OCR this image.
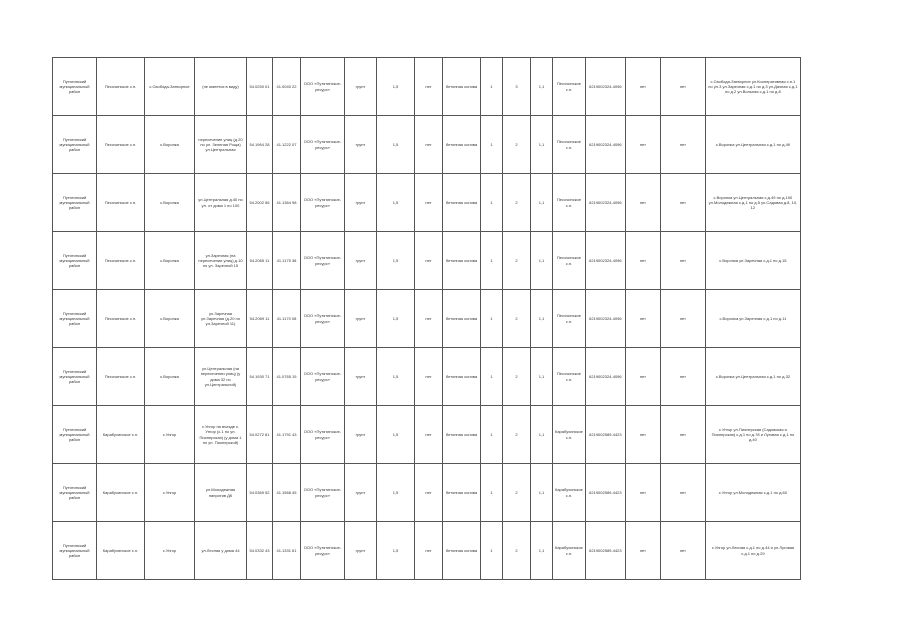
Путятинский муниципальный район	Песочинское с.п.	с.Свобода-Затворное	(не имеется в виду)	54.0250 01	41.0040 22	ООО «Путятинское-ресурс»	грунт	1,5	нет	бетонная основа	1	3	1,1	Песочинское с.п.	6219002324-4096	нет	нет	с.Свобода-Затворное ул.Кооперативная с.п.1 по ул.3 ул.Заречная с.д.1 по д.3 ул.Дачная с.д.1 по д.2 ул.Вольная с.д.1 по д.8
Путятинский муниципальный район	Песочинское с.п.	с.Воронка	пересечение улиц (д.20 по ул. Зеленая Роща) ул.Центральная	54.1964 28	41.1222 07	ООО «Путятинское-ресурс»	грунт	1,5	нет	бетонная основа	1	2	1,1	Песочинское с.п.	6219002324-4096	нет	нет	с.Воронка ул.Центральная с.д.1 по д.49
Путятинский муниципальный район	Песочинское с.п.	с.Воронка	ул.Центральная д.40 по ул. от дома 1 по 100	54.2002 56	41.1364 98	ООО «Путятинское-ресурс»	грунт	1,5	нет	бетонная основа	1	2	1,1	Песочинское с.п.	6219002324-4096	нет	нет	с.Воронка ул.Центральная с.д.49 по д.100 ул.Молодежная с.д.1 по д.5 ул.Садовая д.8, 10, 12
Путятинский муниципальный район	Песочинское с.п.	с.Воронка	ул.Заречная (на пересечении улиц) д.10 по ул. Заречной 15	54.2065 11	41.1175 38	ООО «Путятинское-ресурс»	грунт	1,5	нет	бетонная основа	1	2	1,1	Песочинское с.п.	6219002324-4096	нет	нет	с.Воронка ул.Заречная с.д.1 по д.15
Путятинский муниципальный район	Песочинское с.п.	с.Воронка	ул.Заречная ул.Заречная (д.20 по ул.Заречной 11)	54.2069 11	41.1170 08	ООО «Путятинское-ресурс»	грунт	1,5	нет	бетонная основа	1	2	1,1	Песочинское с.п.	6219002324-4096	нет	нет	с.Воронка ул.Заречная с.д.1 по д.11
Путятинский муниципальный район	Песочинское с.п.	с.Воронка	ул.Центральная (на пересечении улиц) (у дома 32 по ул.Центральной)	54.1930 71	41.0765 15	ООО «Путятинское-ресурс»	грунт	1,5	нет	бетонная основа	1	2	1,1	Песочинское с.п.	6219002324-4096	нет	нет	с.Воронка ул.Центральная с.д.1 по д.32
Путятинский муниципальный район	Карабухинское с.п.	с.Унгор	с.Унгор на въезде с. Унгор (с.1 по ул. Пионерская) (у дома 1 по ул. Пионерской)	54.0272 81	41.1791 43	ООО «Путятинское-ресурс»	грунт	1,5	нет	бетонная основа	1	2	1,1	Карабухинское с.п.	6219002589-4423	нет	нет	с.Унгор ул.Пионерская (Садовская и Пионерская) с.д.1 по д.78 и Луговая с.д.1 по д.40
Путятинский муниципальный район	Карабухинское с.п.	с.Унгор	ул.Молодежная напротив ДК	54.0369 52	41.1568 45	ООО «Путятинское-ресурс»	грунт	1,5	нет	бетонная основа	1	2	1,1	Карабухинское с.п.	6219002589-4423	нет	нет	с.Унгор ул.Молодежная с.д.1 по д.60
Путятинский муниципальный район	Карабухинское с.п.	с.Унгор	ул.Лесная у дома 44	54.0332 43	41.1331 61	ООО «Путятинское-ресурс»	грунт	1,5	нет	бетонная основа	1	2	1,1	Карабухинское с.п.	6219002589-4423	нет	нет	с.Унгор ул.Лесная с.д.1 по д.44 и ул.Луговая с.д.1 по д.29
